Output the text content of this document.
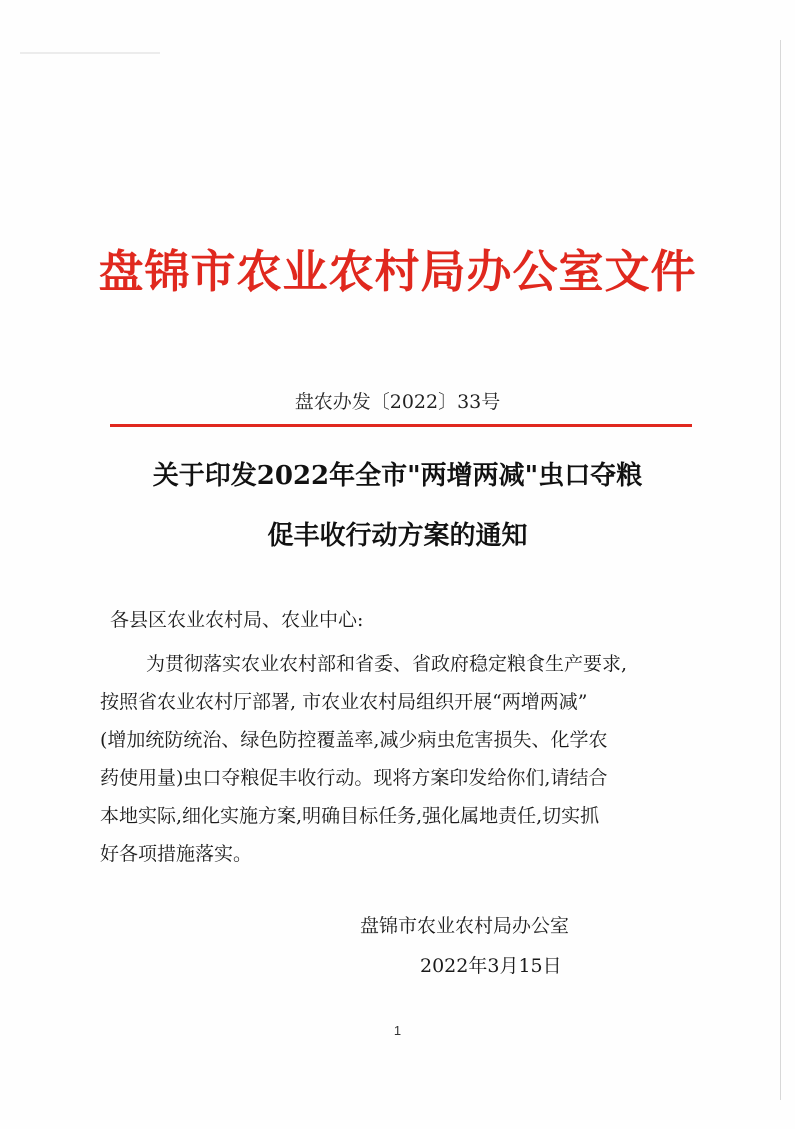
盘锦市农业农村局办公室文件
盘农办发〔2022〕33号
关于印发2022年全市"两增两减"虫口夺粮
促丰收行动方案的通知
各县区农业农村局、农业中心:
为贯彻落实农业农村部和省委、省政府稳定粮食生产要求,
按照省农业农村厅部署, 市农业农村局组织开展“两增两减”
(增加统防统治、绿色防控覆盖率,减少病虫危害损失、化学农
药使用量)虫口夺粮促丰收行动。现将方案印发给你们,请结合
本地实际,细化实施方案,明确目标任务,强化属地责任,切实抓
好各项措施落实。
盘锦市农业农村局办公室
2022年3月15日
1
